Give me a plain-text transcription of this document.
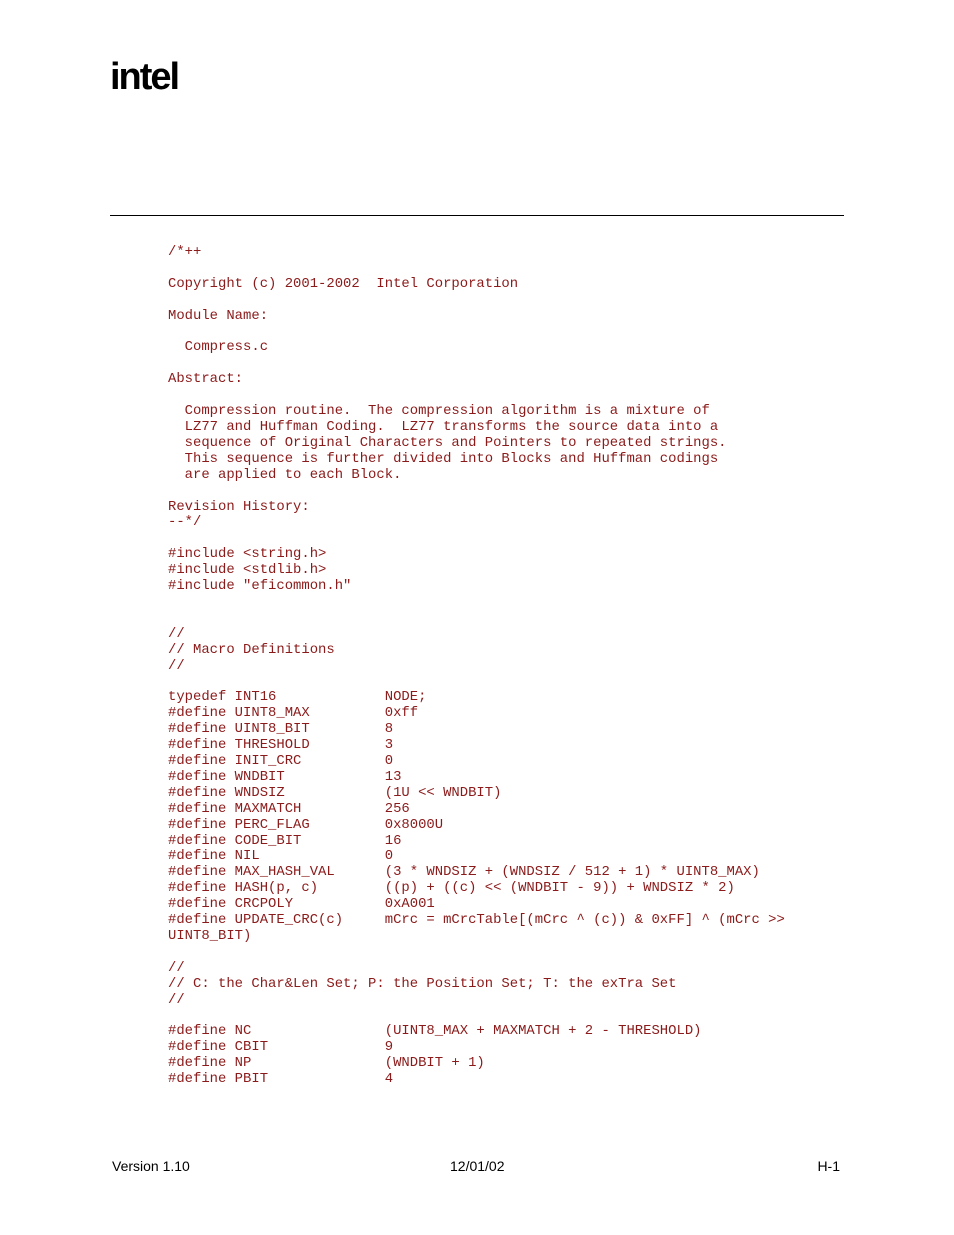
intel
/*++

Copyright (c) 2001-2002  Intel Corporation

Module Name:

Compress.c

Abstract:

Compression routine.  The compression algorithm is a mixture of
LZ77 and Huffman Coding.  LZ77 transforms the source data into a
sequence of Original Characters and Pointers to repeated strings.
This sequence is further divided into Blocks and Huffman codings
are applied to each Block.

Revision History:
--*/

#include <string.h>
#include <stdlib.h>
#include "eficommon.h"

//
// Macro Definitions
//

typedef INT16             NODE;
#define UINT8_MAX         0xff
#define UINT8_BIT         8
#define THRESHOLD         3
#define INIT_CRC          0
#define WNDBIT            13
#define WNDSIZ            (1U << WNDBIT)
#define MAXMATCH          256
#define PERC_FLAG         0x8000U
#define CODE_BIT          16
#define NIL               0
#define MAX_HASH_VAL      (3 * WNDSIZ + (WNDSIZ / 512 + 1) * UINT8_MAX)
#define HASH(p, c)        ((p) + ((c) << (WNDBIT - 9)) + WNDSIZ * 2)
#define CRCPOLY           0xA001
#define UPDATE_CRC(c)     mCrc = mCrcTable[(mCrc ^ (c)) & 0xFF] ^ (mCrc >>
UINT8_BIT)

//
// C: the Char&Len Set; P: the Position Set; T: the exTra Set
//

#define NC                (UINT8_MAX + MAXMATCH + 2 - THRESHOLD)
#define CBIT              9
#define NP                (WNDBIT + 1)
#define PBIT              4
Version 1.10	12/01/02	H-1
